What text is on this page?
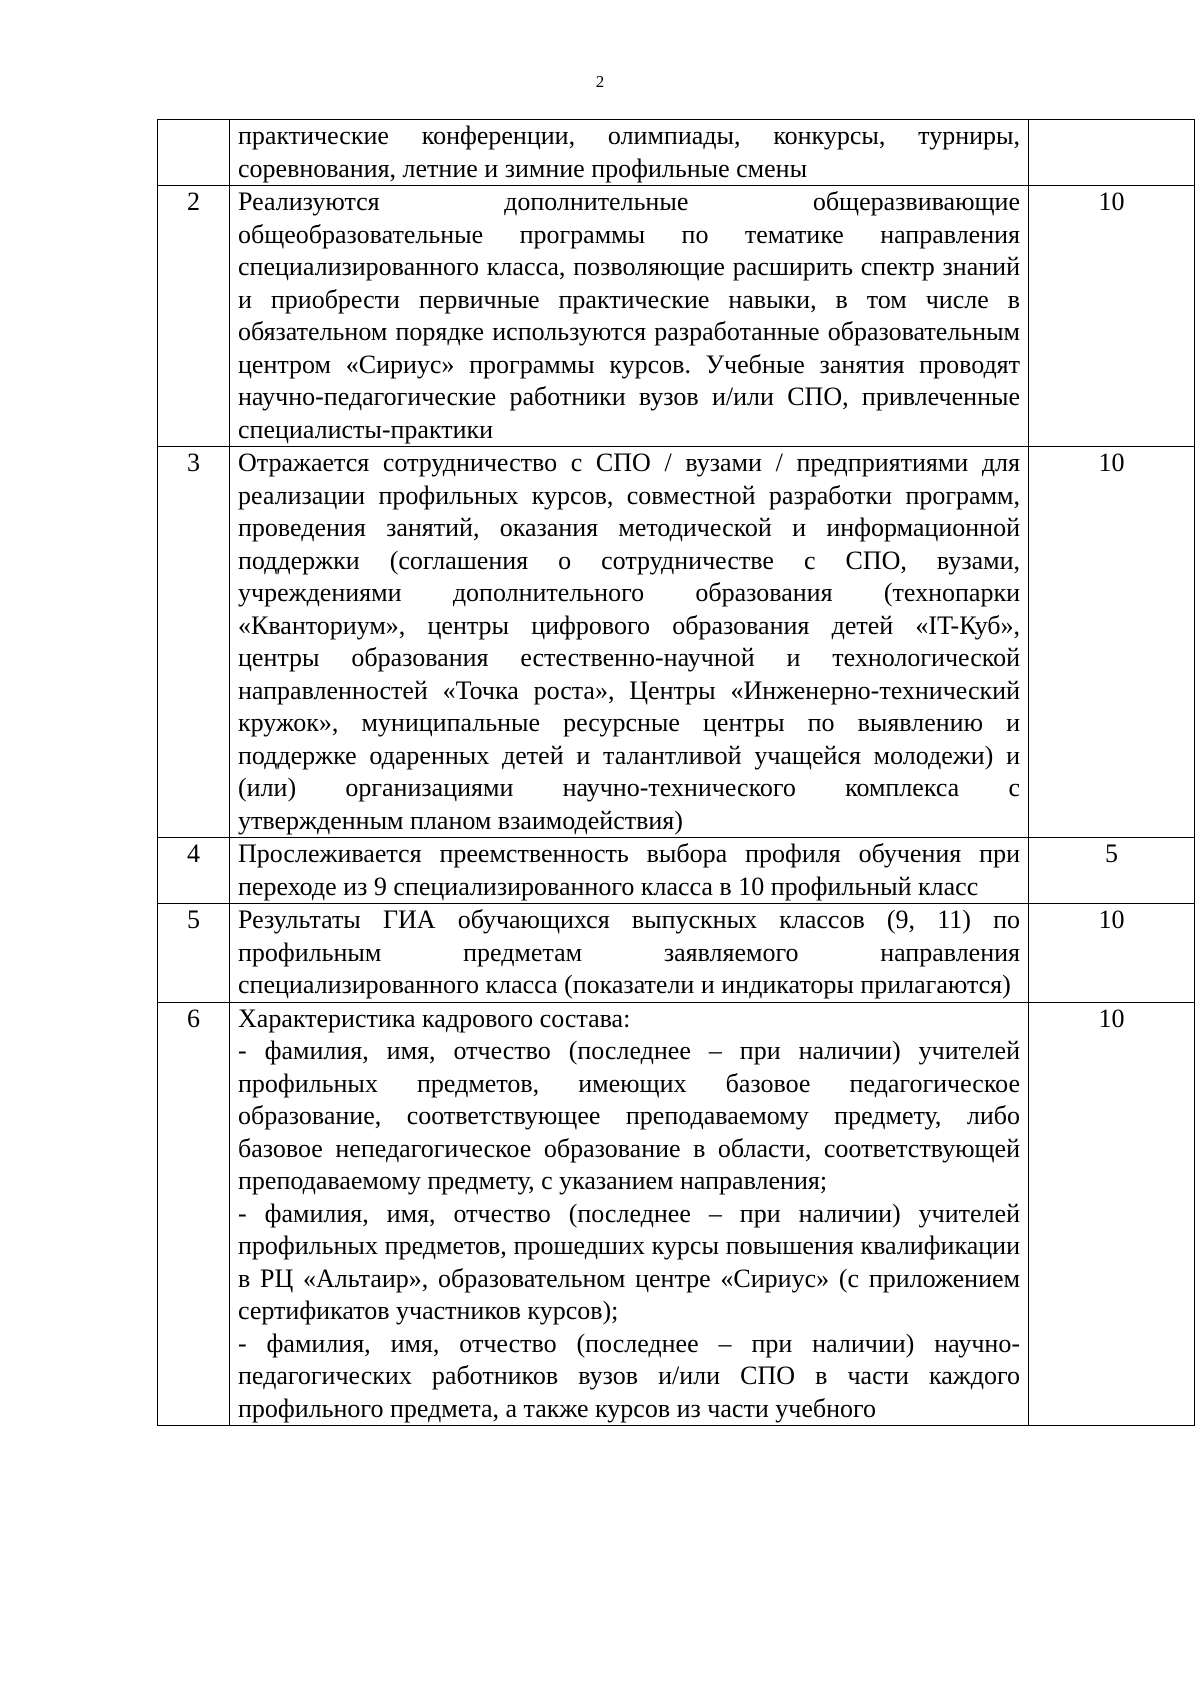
2
	практические конференции, олимпиады, конкурсы, турниры, соревнования, летние и зимние профильные смены	
2	Реализуются дополнительные общеразвивающие общеобразовательные программы по тематике направления специализированного класса, позволяющие расширить спектр знаний и приобрести первичные практические навыки, в том числе в обязательном порядке используются разработанные образовательным центром «Сириус» программы курсов. Учебные занятия проводят научно-педагогические работники вузов и/или СПО, привлеченные специалисты-практики	10
3	Отражается сотрудничество с СПО / вузами / предприятиями для реализации профильных курсов, совместной разработки программ, проведения занятий, оказания методической и информационной поддержки (соглашения о сотрудничестве с СПО, вузами, учреждениями дополнительного образования (технопарки «Кванториум», центры цифрового образования детей «IT-Куб», центры образования естественно-научной и технологической направленностей «Точка роста», Центры «Инженерно-технический кружок», муниципальные ресурсные центры по выявлению и поддержке одаренных детей и талантливой учащейся молодежи) и (или) организациями научно-технического комплекса с утвержденным планом взаимодействия)	10
4	Прослеживается преемственность выбора профиля обучения при переходе из 9 специализированного класса в 10 профильный класс	5
5	Результаты ГИА обучающихся выпускных классов (9, 11) по профильным предметам заявляемого направления специализированного класса (показатели и индикаторы прилагаются)	10
6	Характеристика кадрового состава:
- фамилия, имя, отчество (последнее – при наличии) учителей профильных предметов, имеющих базовое педагогическое образование, соответствующее преподаваемому предмету, либо базовое непедагогическое образование в области, соответствующей преподаваемому предмету, с указанием направления;
- фамилия, имя, отчество (последнее – при наличии) учителей профильных предметов, прошедших курсы повышения квалификации в РЦ «Альтаир», образовательном центре «Сириус» (с приложением сертификатов участников курсов);
- фамилия, имя, отчество (последнее – при наличии) научно-педагогических работников вузов и/или СПО в части каждого профильного предмета, а также курсов из части учебного	10
